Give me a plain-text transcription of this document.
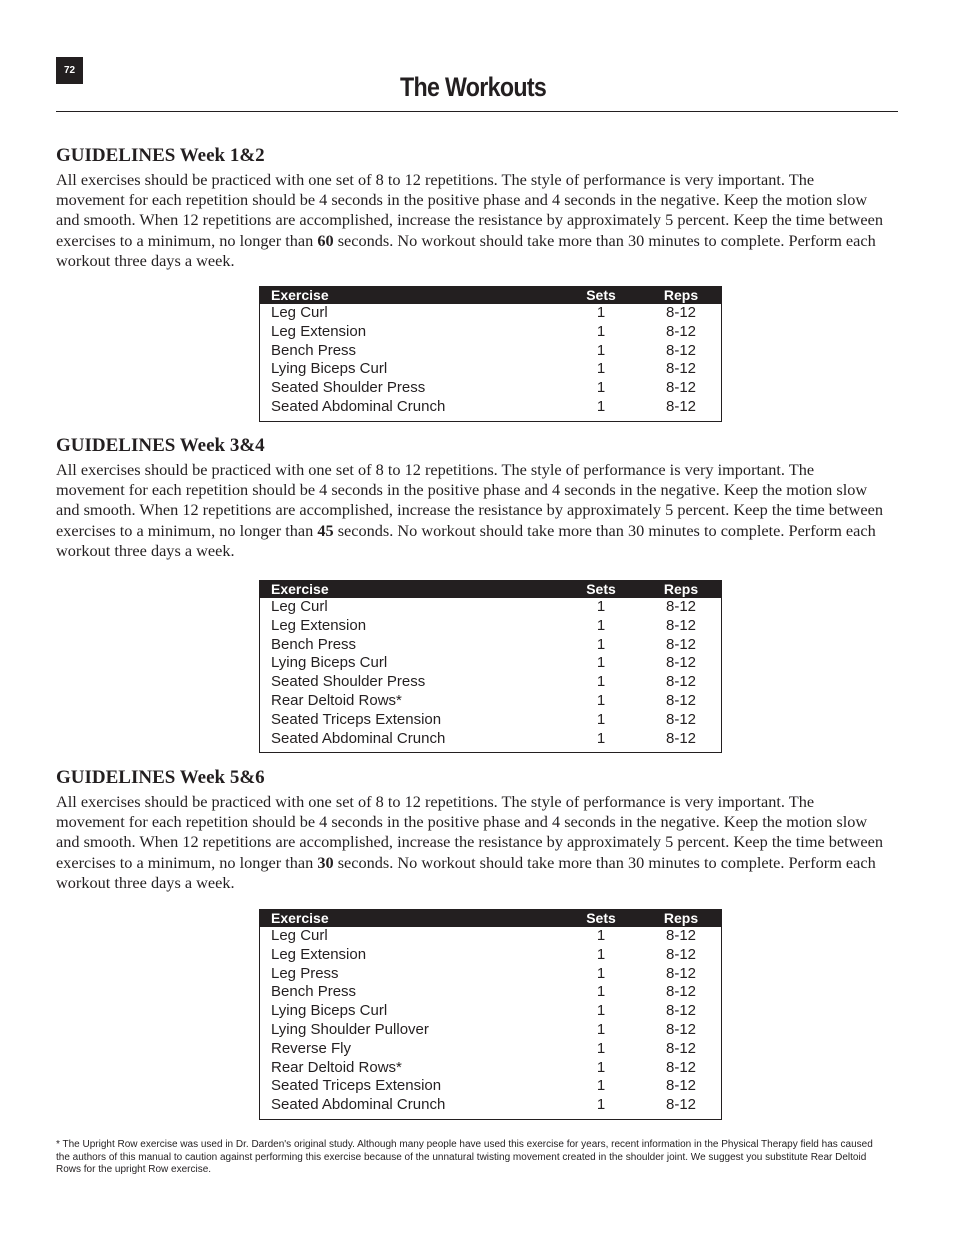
72
The Workouts
GUIDELINES Week 1&2

All exercises should be practiced with one set of 8 to 12 repetitions. The style of performance is very important. The movement for each repetition should be 4 seconds in the positive phase and 4 seconds in the negative. Keep the motion slow and smooth. When 12 repetitions are accomplished, increase the resistance by approximately 5 percent. Keep the time between exercises to a minimum, no longer than 60 seconds. No workout should take more than 30 minutes to complete. Perform each workout three days a week.

Exercise	Sets	Reps
Leg Curl	1	8-12
Leg Extension	1	8-12
Bench Press	1	8-12
Lying Biceps Curl	1	8-12
Seated Shoulder Press	1	8-12
Seated Abdominal Crunch	1	8-12
GUIDELINES Week 3&4

All exercises should be practiced with one set of 8 to 12 repetitions. The style of performance is very important. The movement for each repetition should be 4 seconds in the positive phase and 4 seconds in the negative. Keep the motion slow and smooth. When 12 repetitions are accomplished, increase the resistance by approximately 5 percent. Keep the time between exercises to a minimum, no longer than 45 seconds. No workout should take more than 30 minutes to complete. Perform each workout three days a week.

Exercise	Sets	Reps
Leg Curl	1	8-12
Leg Extension	1	8-12
Bench Press	1	8-12
Lying Biceps Curl	1	8-12
Seated Shoulder Press	1	8-12
Rear Deltoid Rows*	1	8-12
Seated Triceps Extension	1	8-12
Seated Abdominal Crunch	1	8-12
GUIDELINES Week 5&6

All exercises should be practiced with one set of 8 to 12 repetitions. The style of performance is very important. The movement for each repetition should be 4 seconds in the positive phase and 4 seconds in the negative. Keep the motion slow and smooth. When 12 repetitions are accomplished, increase the resistance by approximately 5 percent. Keep the time between exercises to a minimum, no longer than 30 seconds. No workout should take more than 30 minutes to complete. Perform each workout three days a week.

Exercise	Sets	Reps
Leg Curl	1	8-12
Leg Extension	1	8-12
Leg Press	1	8-12
Bench Press	1	8-12
Lying Biceps Curl	1	8-12
Lying Shoulder Pullover	1	8-12
Reverse Fly	1	8-12
Rear Deltoid Rows*	1	8-12
Seated Triceps Extension	1	8-12
Seated Abdominal Crunch	1	8-12

* The Upright Row exercise was used in Dr. Darden's original study. Although many people have used this exercise for years, recent information in the Physical Therapy field has caused the authors of this manual to caution against performing this exercise because of the unnatural twisting movement created in the shoulder joint. We suggest you substitute Rear Deltoid Rows for the upright Row exercise.
